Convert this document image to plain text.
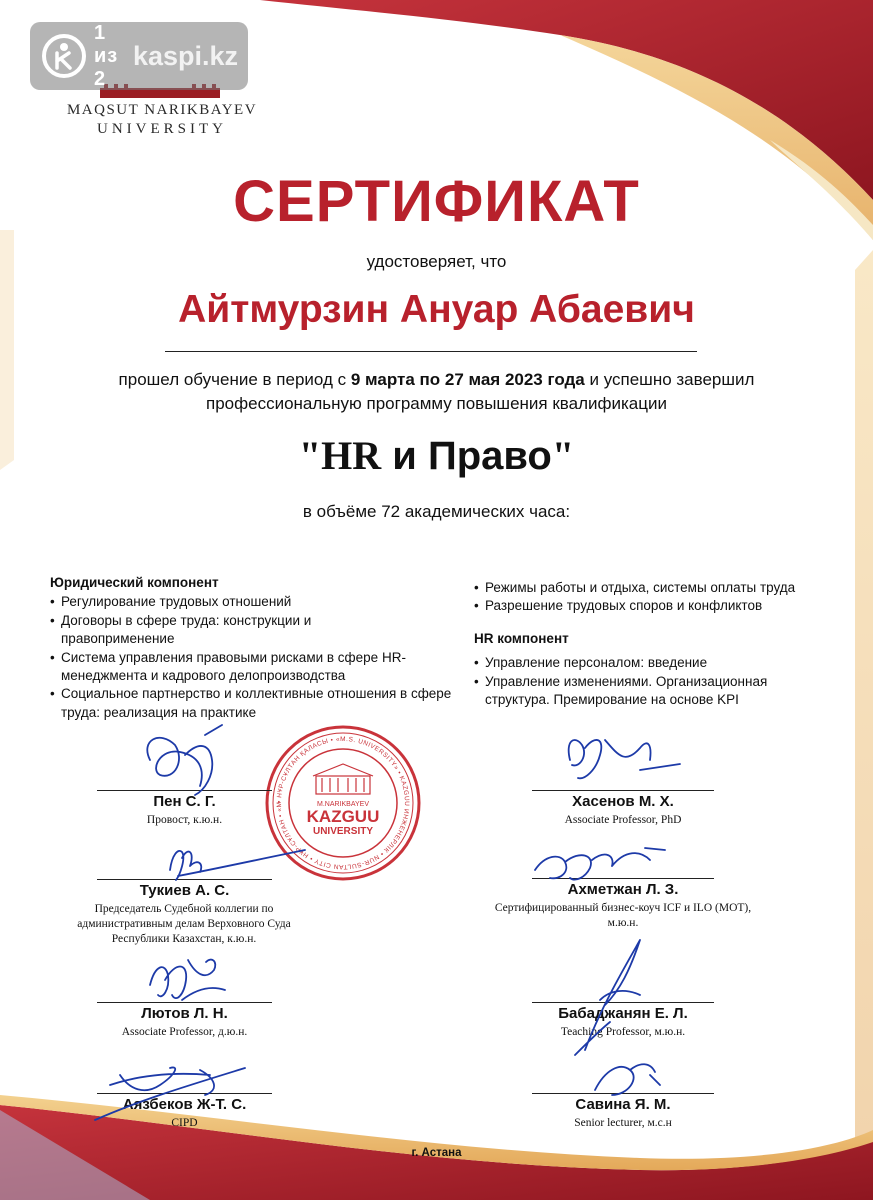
1 из 2
kaspi.kz
MAQSUT NARIKBAYEV
UNIVERSITY
СЕРТИФИКАТ
удостоверяет, что
Айтмурзин Ануар Абаевич
прошел обучение в период с 9 марта по 27 мая 2023 года и успешно завершил
профессиональную программу повышения квалификации
"HR и Право"
в объёме 72 академических часа:
Юридический компонент
• Регулирование трудовых отношений
• Договоры в сфере труда: конструкции и правоприменение
• Система управления правовыми рисками в сфере HR-менеджмента и кадрового делопроизводства
• Социальное партнерство и коллективные отношения в сфере труда: реализация на практике
• Режимы работы и отдыха, системы оплаты труда
• Разрешение трудовых споров и конфликтов
HR компонент
• Управление персоналом: введение
• Управление изменениями. Организационная структура. Премирование на основе KPI
• НҰР-СҰЛТАН ҚАЛАСЫ • «M.S. UNIVERSITY» • KAZGUU ИНЖЕНЕРЛІК • NUR-SULTAN CITY • НҰР-СҰЛТАН • «M.S. NARIKBAYEV UNIVERSITY» •
M.NARIKBAYEV
KAZGUU
UNIVERSITY
Пен С. Г.
Провост, к.ю.н.
Тукиев А. С.
Председатель Судебной коллегии по административным делам Верховного Суда Республики Казахстан, к.ю.н.
Лютов Л. Н.
Associate Professor, д.ю.н.
Аязбеков Ж-Т. С.
CIPD
Хасенов М. Х.
Associate Professor, PhD
Ахметжан Л. З.
Сертифицированный бизнес-коуч ICF и ILO (МОТ), м.ю.н.
Бабаджанян Е. Л.
Teaching Professor, м.ю.н.
Савина Я. М.
Senior lecturer, м.с.н
г. Астана
